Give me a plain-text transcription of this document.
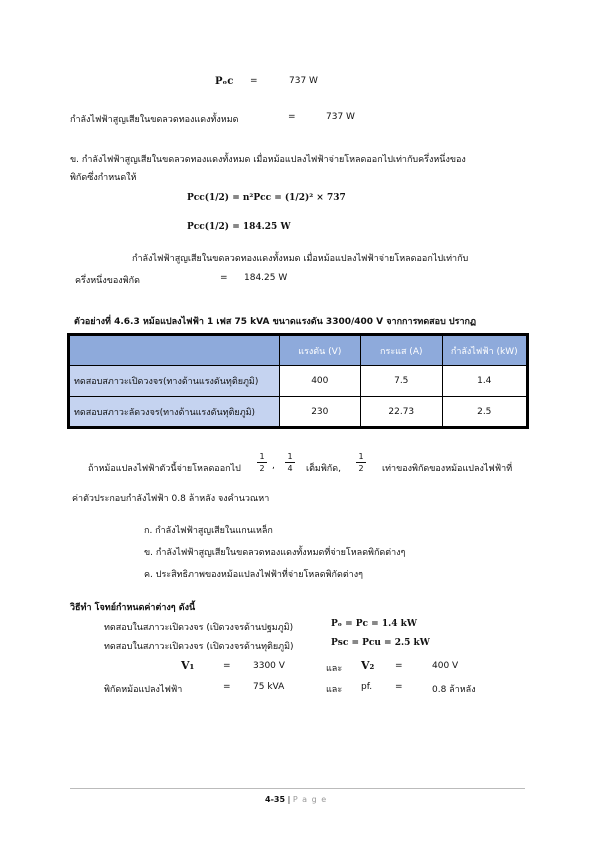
Pₒc =	737 W
กำลังไฟฟ้าสูญเสียในขดลวดทองแดงทั้งหมด	=	737 W
ข. กำลังไฟฟ้าสูญเสียในขดลวดทองแดงทั้งหมด เมื่อหม้อแปลงไฟฟ้าจ่ายโหลดออกไปเท่ากับครึ่งหนึ่งของ
พิกัดซึ่งกำหนดให้
Pcc(1/2) = n²Pcc = (1/2)² × 737
Pcc(1/2) = 184.25 W
กำลังไฟฟ้าสูญเสียในขดลวดทองแดงทั้งหมด เมื่อหม้อแปลงไฟฟ้าจ่ายโหลดออกไปเท่ากับ
ครึ่งหนึ่งของพิกัด	= 184.25 W
ตัวอย่างที่ 4.6.3 หม้อแปลงไฟฟ้า 1 เฟส 75 kVA ขนาดแรงดัน 3300/400 V จากการทดสอบ ปรากฏ
	แรงดัน (V)	กระแส (A)	กำลังไฟฟ้า (kW)
ทดสอบสภาวะเปิดวงจร(ทางด้านแรงดันทุติยภูมิ)	400	7.5	1.4
ทดสอบสภาวะลัดวงจร(ทางด้านแรงดันทุติยภูมิ)	230	22.73	2.5
ถ้าหม้อแปลงไฟฟ้าตัวนี้จ่ายโหลดออกไป $\frac{1}{2}$ , $\frac{1}{4}$ เต็มพิกัด, $\frac{1}{2}$ เท่าของพิกัดของหม้อแปลงไฟฟ้าที่
ค่าตัวประกอบกำลังไฟฟ้า 0.8 ล้าหลัง จงคำนวณหา
ก. กำลังไฟฟ้าสูญเสียในแกนเหล็ก
ข. กำลังไฟฟ้าสูญเสียในขดลวดทองแดงทั้งหมดที่จ่ายโหลดพิกัดต่างๆ
ค. ประสิทธิภาพของหม้อแปลงไฟฟ้าที่จ่ายโหลดพิกัดต่างๆ
วิธีทำ โจทย์กำหนดค่าต่างๆ ดังนี้
ทดสอบในสภาวะเปิดวงจร (เปิดวงจรด้านปฐมภูมิ)	Pₒ = Pc = 1.4 kW
ทดสอบในสภาวะเปิดวงจร (เปิดวงจรด้านทุติยภูมิ)	Psc = Pcu = 2.5 kW
V₁	= 3300 V	และ V₂ =	400 V
พิกัดหม้อแปลงไฟฟ้า	= 75 kVA	และ pf.	=	0.8 ล้าหลัง
4-35 | P a g e
